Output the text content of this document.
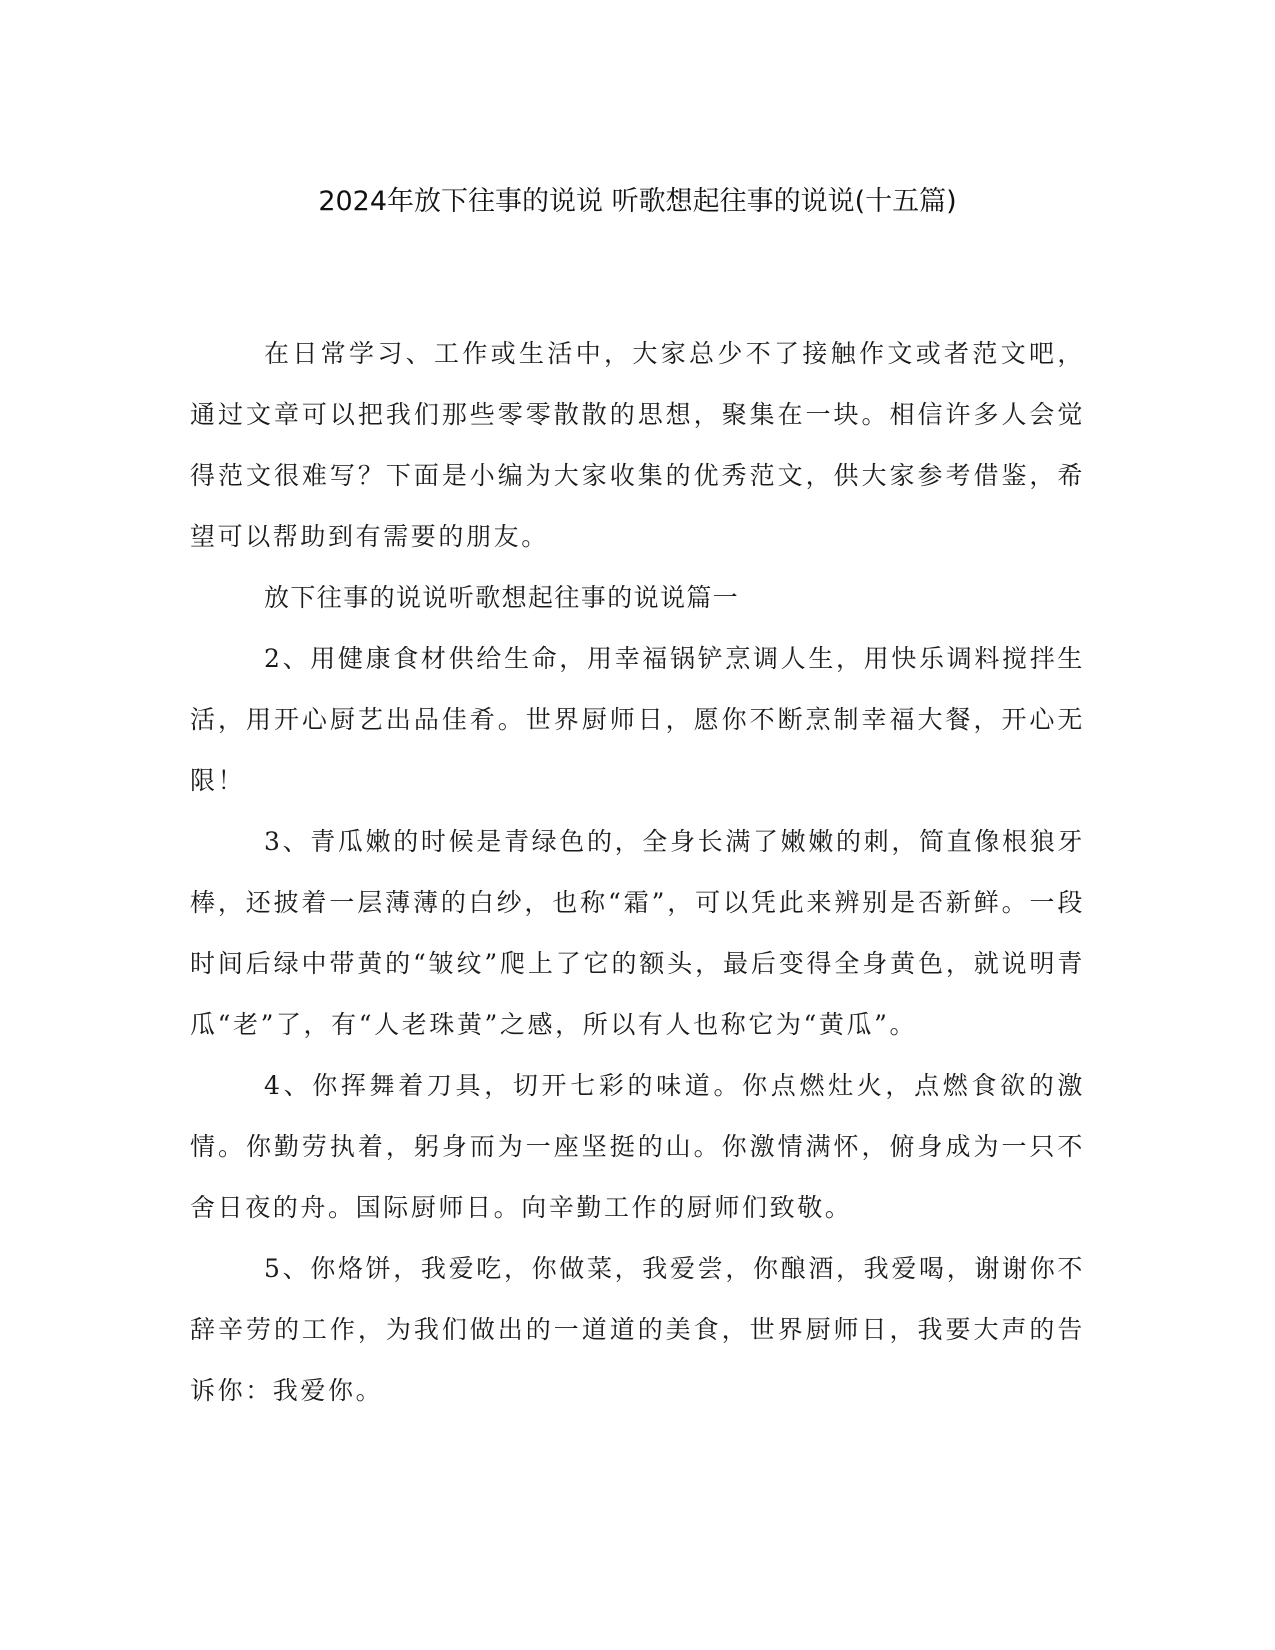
2024年放下往事的说说 听歌想起往事的说说(十五篇)

在日常学习、工作或生活中，大家总少不了接触作文或者范文吧，通过文章可以把我们那些零零散散的思想，聚集在一块。相信许多人会觉得范文很难写？下面是小编为大家收集的优秀范文，供大家参考借鉴，希望可以帮助到有需要的朋友。

放下往事的说说听歌想起往事的说说篇一

2、用健康食材供给生命，用幸福锅铲烹调人生，用快乐调料搅拌生活，用开心厨艺出品佳肴。世界厨师日，愿你不断烹制幸福大餐，开心无限！

3、青瓜嫩的时候是青绿色的，全身长满了嫩嫩的刺，简直像根狼牙棒，还披着一层薄薄的白纱，也称“霜”，可以凭此来辨别是否新鲜。一段时间后绿中带黄的“皱纹”爬上了它的额头，最后变得全身黄色，就说明青瓜“老”了，有“人老珠黄”之感，所以有人也称它为“黄瓜”。

4、你挥舞着刀具，切开七彩的味道。你点燃灶火，点燃食欲的激情。你勤劳执着，躬身而为一座坚挺的山。你激情满怀，俯身成为一只不舍日夜的舟。国际厨师日。向辛勤工作的厨师们致敬。

5、你烙饼，我爱吃，你做菜，我爱尝，你酿酒，我爱喝，谢谢你不辞辛劳的工作，为我们做出的一道道的美食，世界厨师日，我要大声的告诉你：我爱你。
